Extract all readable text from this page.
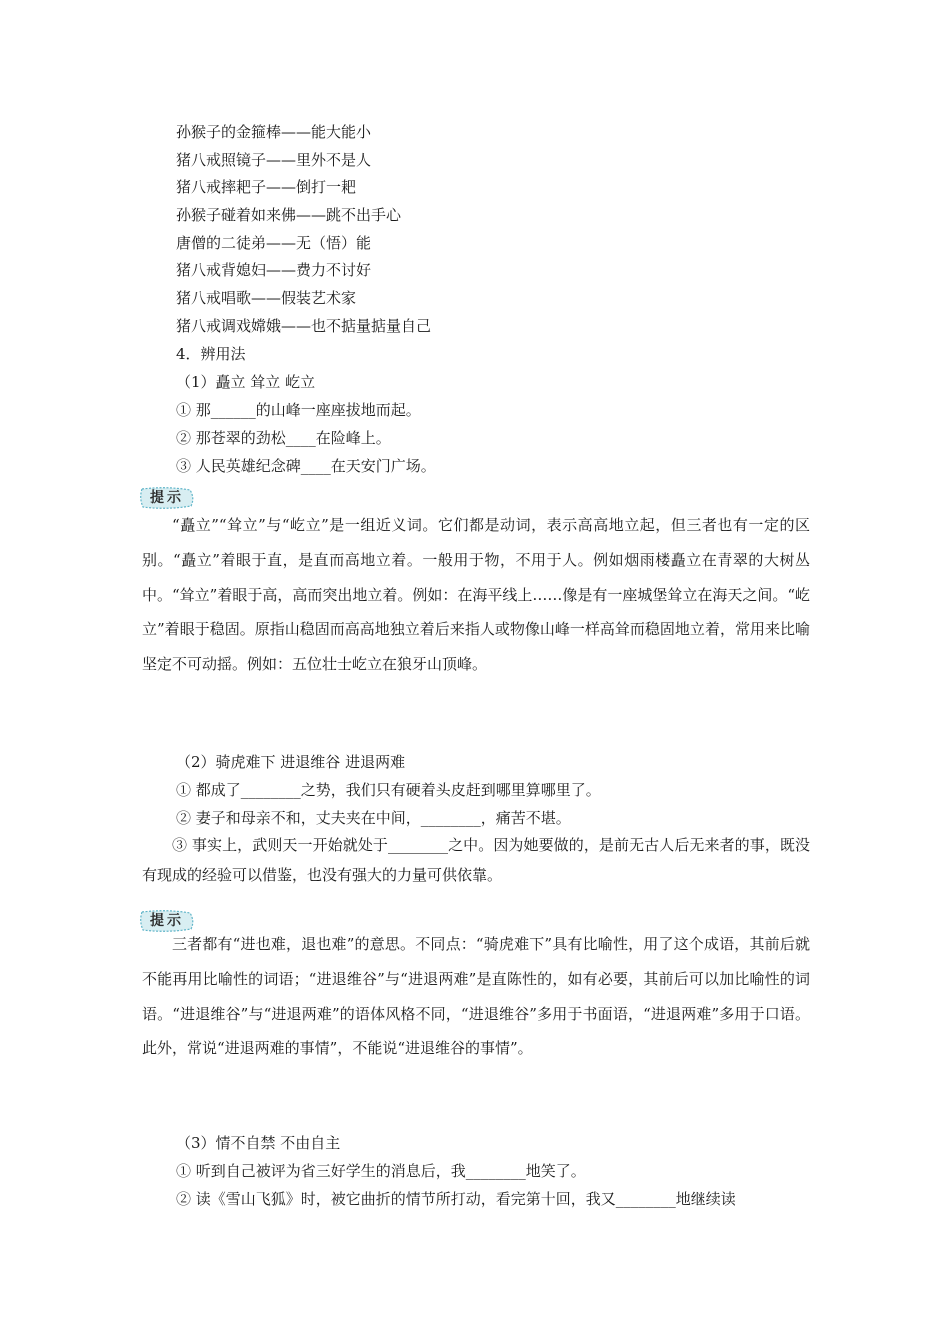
孙猴子的金箍棒——能大能小
猪八戒照镜子——里外不是人
猪八戒摔耙子——倒打一耙
孙猴子碰着如来佛——跳不出手心
唐僧的二徒弟——无（悟）能
猪八戒背媳妇——费力不讨好
猪八戒唱歌——假装艺术家
猪八戒调戏嫦娥——也不掂量掂量自己
4．辨用法
（1）矗立 耸立 屹立
① 那______的山峰一座座拔地而起。
② 那苍翠的劲松____在险峰上。
③ 人民英雄纪念碑____在天安门广场。
提示

“矗立”“耸立”与“屹立”是一组近义词。它们都是动词，表示高高地立起，但三者也有一定的区别。“矗立”着眼于直，是直而高地立着。一般用于物，不用于人。例如烟雨楼矗立在青翠的大树丛中。“耸立”着眼于高，高而突出地立着。例如：在海平线上……像是有一座城堡耸立在海天之间。“屹立”着眼于稳固。原指山稳固而高高地独立着后来指人或物像山峰一样高耸而稳固地立着，常用来比喻坚定不可动摇。例如：五位壮士屹立在狼牙山顶峰。

（2）骑虎难下 进退维谷 进退两难
① 都成了________之势，我们只有硬着头皮赶到哪里算哪里了。
② 妻子和母亲不和，丈夫夹在中间，________，痛苦不堪。

③ 事实上，武则天一开始就处于________之中。因为她要做的，是前无古人后无来者的事，既没有现成的经验可以借鉴，也没有强大的力量可供依靠。

提示

三者都有“进也难，退也难”的意思。不同点：“骑虎难下”具有比喻性，用了这个成语，其前后就不能再用比喻性的词语；“进退维谷”与“进退两难”是直陈性的，如有必要，其前后可以加比喻性的词语。“进退维谷”与“进退两难”的语体风格不同，“进退维谷”多用于书面语，“进退两难”多用于口语。此外，常说“进退两难的事情”，不能说“进退维谷的事情”。

（3）情不自禁 不由自主
① 听到自己被评为省三好学生的消息后，我________地笑了。
② 读《雪山飞狐》时，被它曲折的情节所打动，看完第十回，我又________地继续读
